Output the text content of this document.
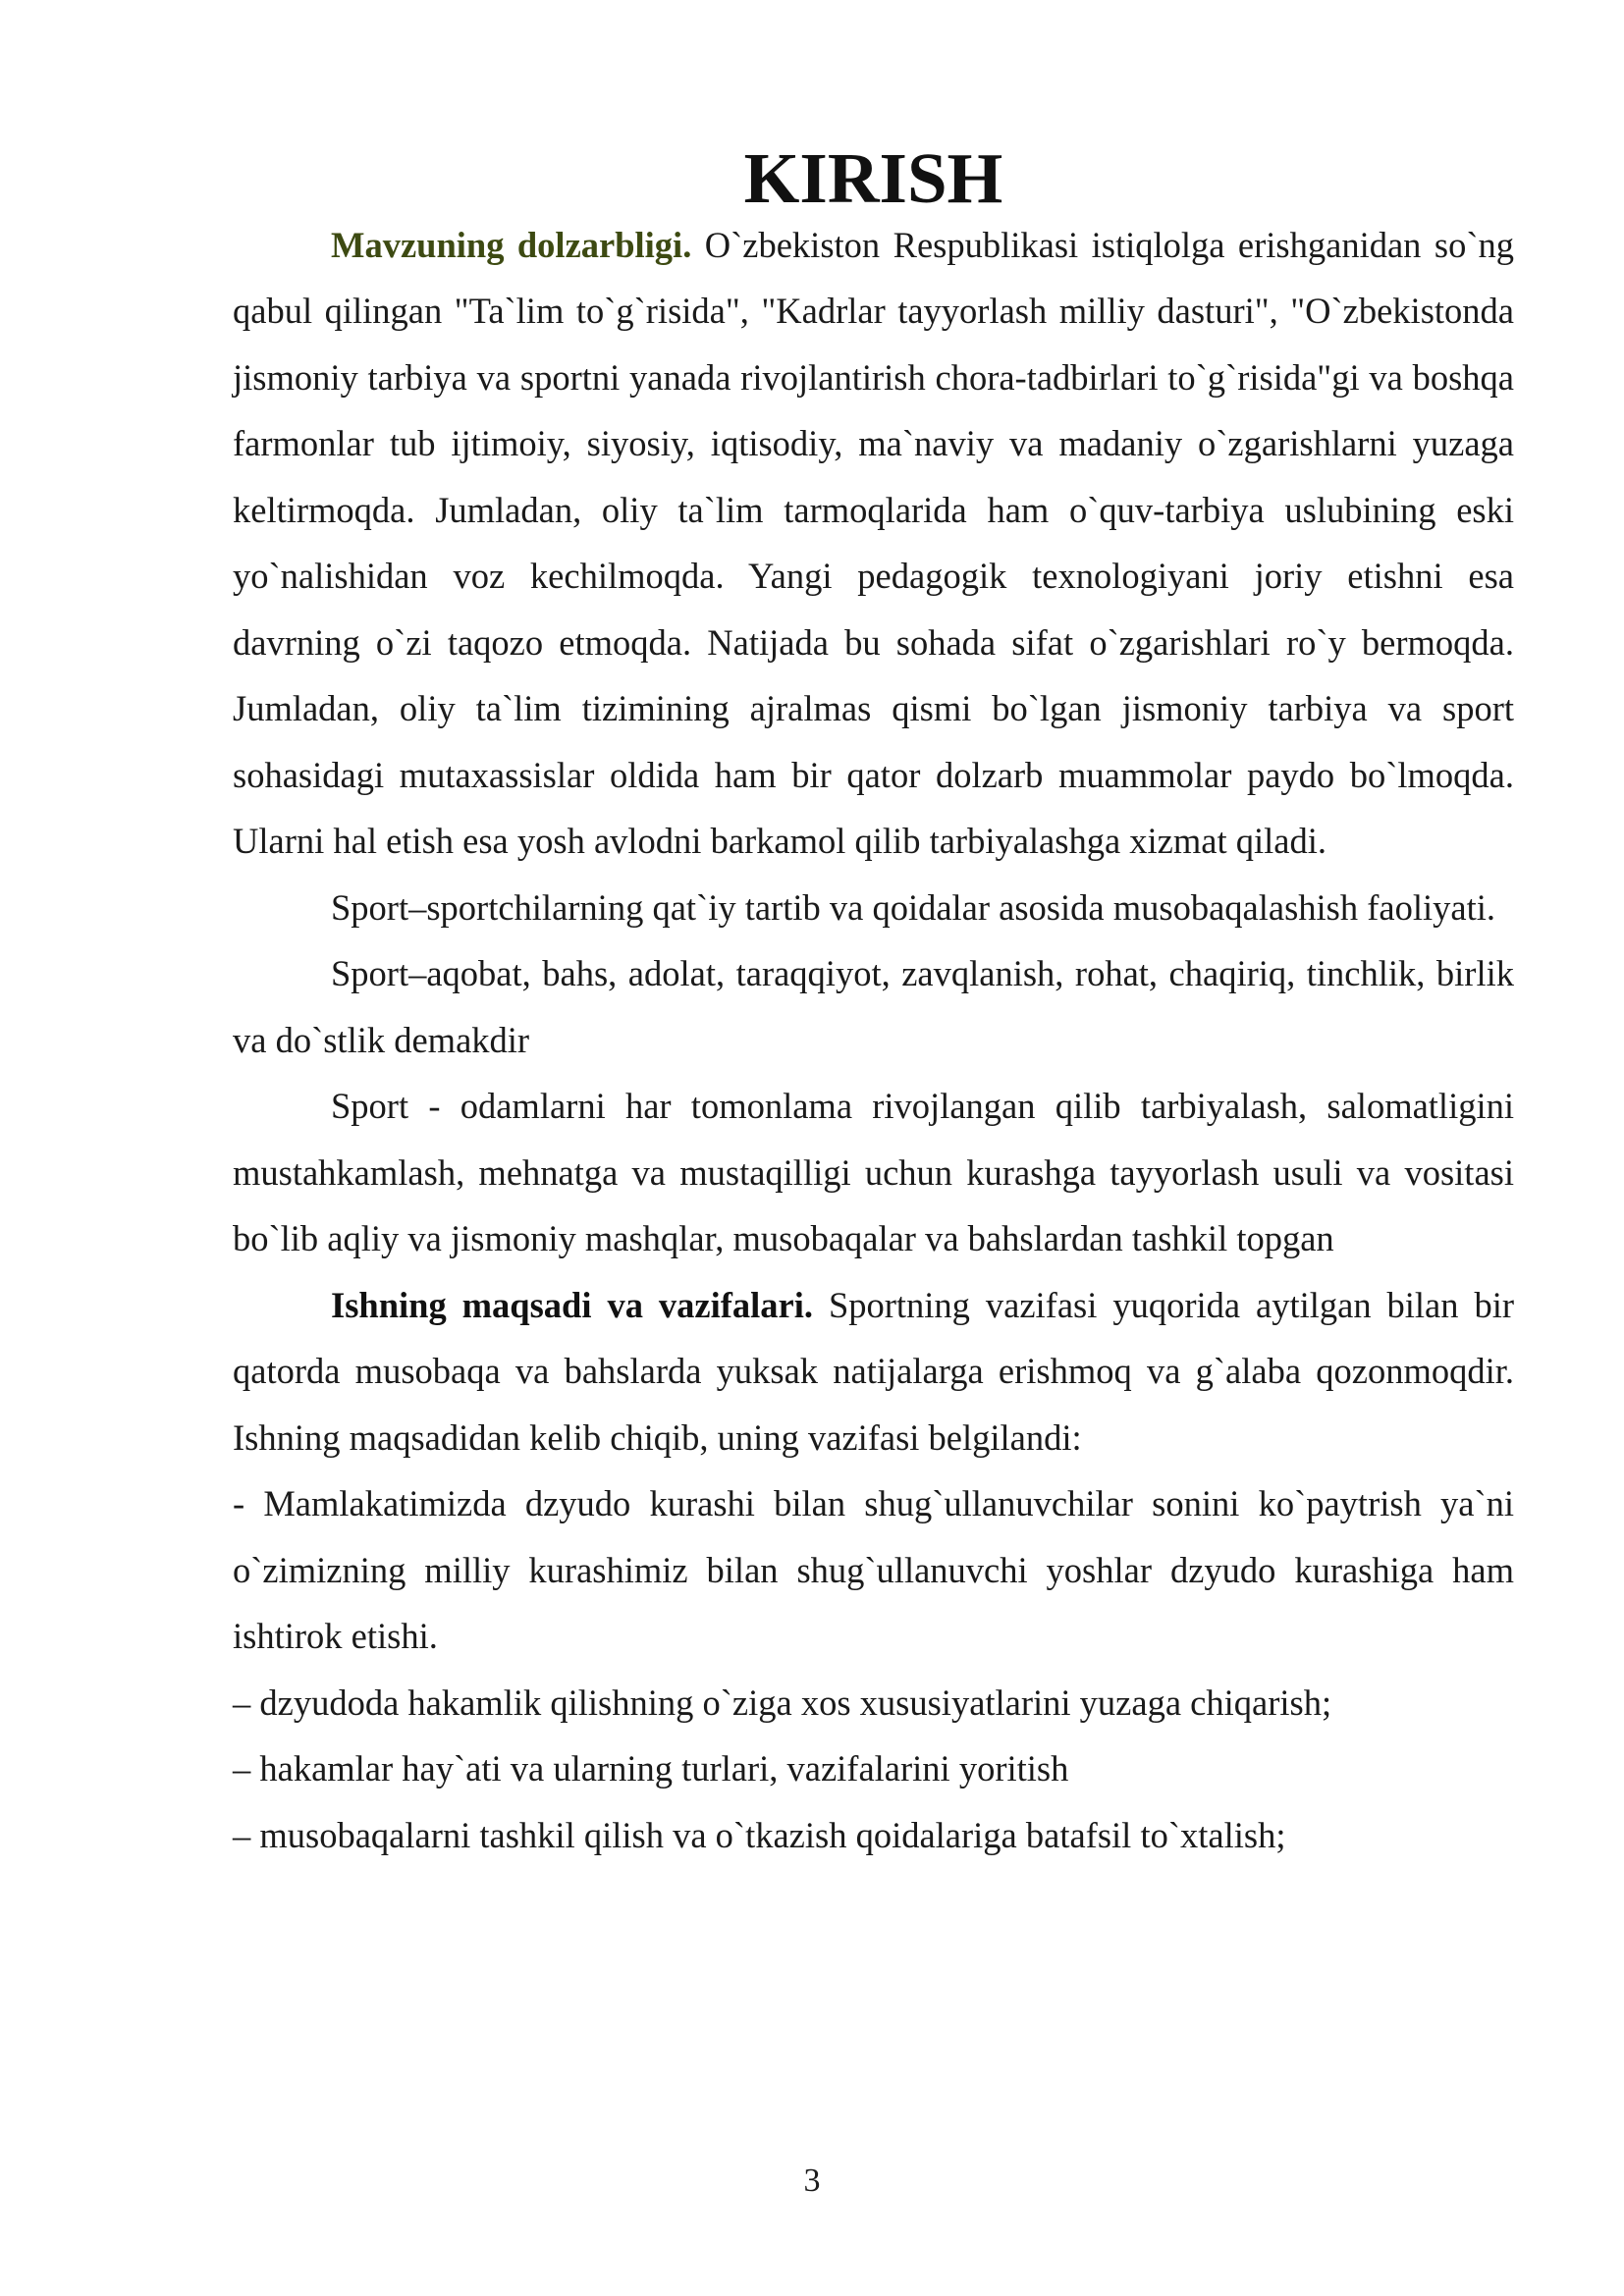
KIRISH

Mavzuning dolzarbligi. O`zbekiston Respublikasi istiqlolga erishganidan so`ng qabul qilingan "Ta`lim to`g`risida", "Kadrlar tayyorlash milliy dasturi", "O`zbekistonda jismoniy tarbiya va sportni yanada rivojlantirish chora-tadbirlari to`g`risida"gi va boshqa farmonlar tub ijtimoiy, siyosiy, iqtisodiy, ma`naviy va madaniy o`zgarishlarni yuzaga keltirmoqda. Jumladan, oliy ta`lim tarmoqlarida ham o`quv-tarbiya uslubining eski yo`nalishidan voz kechilmoqda. Yangi pedagogik texnologiyani joriy etishni esa davrning o`zi taqozo etmoqda. Natijada bu sohada sifat o`zgarishlari ro`y bermoqda. Jumladan, oliy ta`lim tizimining ajralmas qismi bo`lgan jismoniy tarbiya va sport sohasidagi mutaxassislar oldida ham bir qator dolzarb muammolar paydo bo`lmoqda. Ularni hal etish esa yosh avlodni barkamol qilib tarbiyalashga xizmat qiladi.

Sport–sportchilarning qat`iy tartib va qoidalar asosida musobaqalashish faoliyati.

Sport–aqobat, bahs, adolat, taraqqiyot, zavqlanish, rohat, chaqiriq, tinchlik, birlik va do`stlik demakdir

Sport - odamlarni har tomonlama rivojlangan qilib tarbiyalash, salomatligini mustahkamlash, mehnatga va mustaqilligi uchun kurashga tayyorlash usuli va vositasi bo`lib aqliy va jismoniy mashqlar, musobaqalar va bahslardan tashkil topgan

Ishning maqsadi va vazifalari. Sportning vazifasi yuqorida aytilgan bilan bir qatorda musobaqa va bahslarda yuksak natijalarga erishmoq va g`alaba qozonmoqdir. Ishning maqsadidan kelib chiqib, uning vazifasi belgilandi:

- Mamlakatimizda dzyudo kurashi bilan shug`ullanuvchilar sonini ko`paytrish ya`ni o`zimizning milliy kurashimiz bilan shug`ullanuvchi yoshlar dzyudo kurashiga ham ishtirok etishi.

– dzyudoda hakamlik qilishning o`ziga xos xususiyatlarini yuzaga chiqarish;

– hakamlar hay`ati va ularning turlari, vazifalarini yoritish

– musobaqalarni tashkil qilish va o`tkazish qoidalariga batafsil to`xtalish;

3
